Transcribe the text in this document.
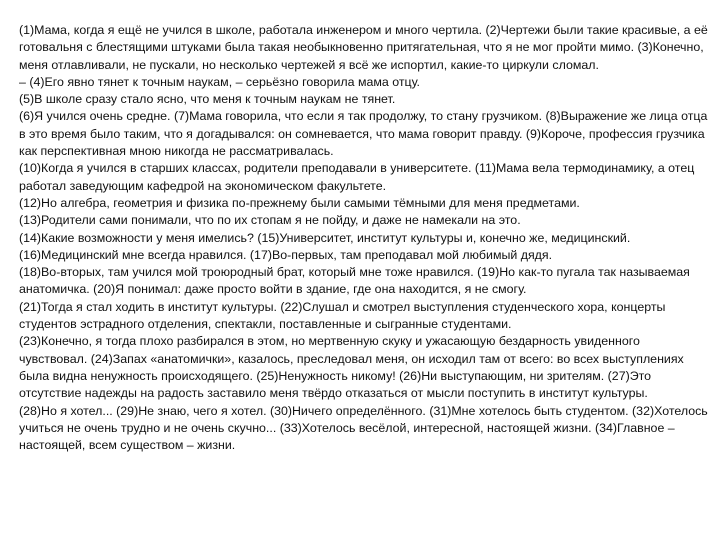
(1)Мама, когда я ещё не учился в школе, работала инженером и много чертила. (2)Чертежи были такие красивые, а её готовальня с блестящими штуками была такая необыкновенно притягательная, что я не мог пройти мимо. (3)Конечно, меня отлавливали, не пускали, но несколько чертежей я всё же испортил, какие-то циркули сломал.

– (4)Его явно тянет к точным наукам, – серьёзно говорила мама отцу.

(5)В школе сразу стало ясно, что меня к точным наукам не тянет.

(6)Я учился очень средне. (7)Мама говорила, что если я так продолжу, то стану грузчиком. (8)Выражение же лица отца в это время было таким, что я догадывался: он сомневается, что мама говорит правду. (9)Короче, профессия грузчика как перспективная мною никогда не рассматривалась.

(10)Когда я учился в старших классах, родители преподавали в университете. (11)Мама вела термодинамику, а отец работал заведующим кафедрой на экономическом факультете.

(12)Но алгебра, геометрия и физика по-прежнему были самыми тёмными для меня предметами.

(13)Родители сами понимали, что по их стопам я не пойду, и даже не намекали на это.

(14)Какие возможности у меня имелись? (15)Университет, институт культуры и, конечно же, медицинский.

(16)Медицинский мне всегда нравился. (17)Во-первых, там преподавал мой любимый дядя.

(18)Во-вторых, там учился мой троюродный брат, который мне тоже нравился. (19)Но как-то пугала так называемая анатомичка. (20)Я понимал: даже просто войти в здание, где она находится, я не смогу.

(21)Тогда я стал ходить в институт культуры. (22)Слушал и смотрел выступления студенческого хора, концерты студентов эстрадного отделения, спектакли, поставленные и сыгранные студентами.

(23)Конечно, я тогда плохо разбирался в этом, но мертвенную скуку и ужасающую бездарность увиденного чувствовал. (24)Запах «анатомички», казалось, преследовал меня, он исходил там от всего: во всех выступлениях была видна ненужность происходящего. (25)Ненужность никому! (26)Ни выступающим, ни зрителям. (27)Это отсутствие надежды на радость заставило меня твёрдо отказаться от мысли поступить в институт культуры.

(28)Но я хотел... (29)Не знаю, чего я хотел. (30)Ничего определённого. (31)Мне хотелось быть студентом. (32)Хотелось учиться не очень трудно и не очень скучно... (33)Хотелось весёлой, интересной, настоящей жизни. (34)Главное – настоящей, всем существом – жизни.
